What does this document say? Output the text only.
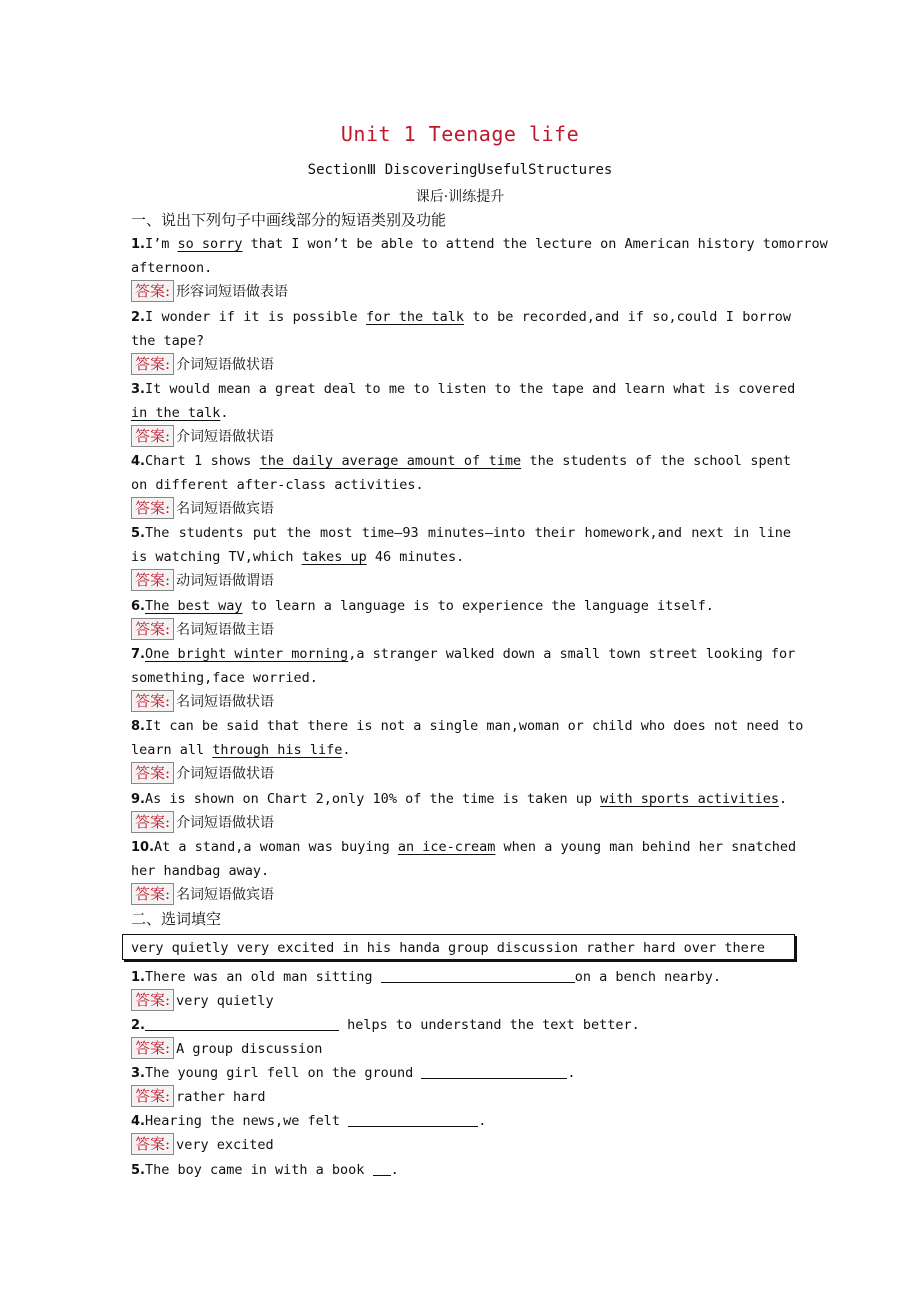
Unit 1 Teenage life
SectionⅢ DiscoveringUsefulStructures
课后·训练提升
一、说出下列句子中画线部分的短语类别及功能
1.I’m so sorry that I won’t be able to attend the lecture on American history tomorrow
afternoon.
答案: 形容词短语做表语
2.I wonder if it is possible for the talk to be recorded,and if so,could I borrow
the tape?
答案: 介词短语做状语
3.It would mean a great deal to me to listen to the tape and learn what is covered
in the talk.
答案: 介词短语做状语
4.Chart 1 shows the daily average amount of time the students of the school spent
on different after-class activities.
答案: 名词短语做宾语
5.The students put the most time—93 minutes—into their homework,and next in line
is watching TV,which takes up 46 minutes.
答案: 动词短语做谓语
6.The best way to learn a language is to experience the language itself.
答案: 名词短语做主语
7.One bright winter morning,a stranger walked down a small town street looking for
something,face worried.
答案: 名词短语做状语
8.It can be said that there is not a single man,woman or child who does not need to
learn all through his life.
答案: 介词短语做状语
9.As is shown on Chart 2,only 10% of the time is taken up with sports activities.
答案: 介词短语做状语
10.At a stand,a woman was buying an ice-cream when a young man behind her snatched
her handbag away.
答案: 名词短语做宾语
二、选词填空
very quietly very excited in his handa group discussion rather hard over there
1.There was an old man sitting	on a bench nearby.
答案: very quietly
2.	helps to understand the text better.
答案: A group discussion
3.The young girl fell on the ground	.
答案: rather hard
4.Hearing the news,we felt	.
答案: very excited
5.The boy came in with a book .
